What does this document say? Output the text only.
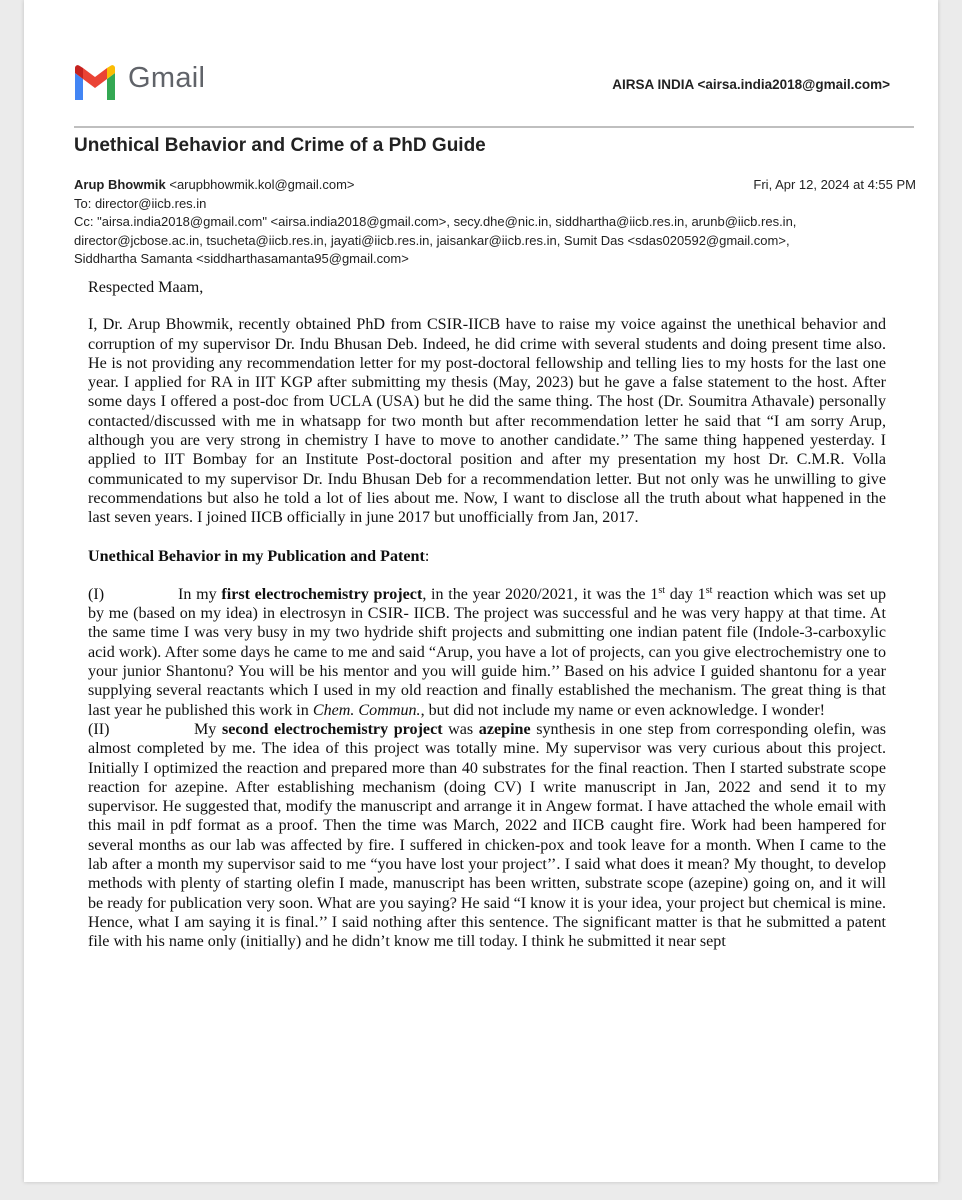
Gmail	AIRSA INDIA <airsa.india2018@gmail.com>
Unethical Behavior and Crime of a PhD Guide
Arup Bhowmik <arupbhowmik.kol@gmail.com>	Fri, Apr 12, 2024 at 4:55 PM
To: director@iicb.res.in
Cc: "airsa.india2018@gmail.com" <airsa.india2018@gmail.com>, secy.dhe@nic.in, siddhartha@iicb.res.in, arunb@iicb.res.in,
director@jcbose.ac.in, tsucheta@iicb.res.in, jayati@iicb.res.in, jaisankar@iicb.res.in, Sumit Das <sdas020592@gmail.com>,
Siddhartha Samanta <siddharthasamanta95@gmail.com>

Respected Maam,

I, Dr. Arup Bhowmik, recently obtained PhD from CSIR-IICB have to raise my voice against the unethical behavior and corruption of my supervisor Dr. Indu Bhusan Deb. Indeed, he did crime with several students and doing present time also. He is not providing any recommendation letter for my post-doctoral fellowship and telling lies to my hosts for the last one year. I applied for RA in IIT KGP after submitting my thesis (May, 2023) but he gave a false statement to the host. After some days I offered a post-doc from UCLA (USA) but he did the same thing. The host (Dr. Soumitra Athavale) personally contacted/discussed with me in whatsapp for two month but after recommendation letter he said that “I am sorry Arup, although you are very strong in chemistry I have to move to another candidate.’’ The same thing happened yesterday. I applied to IIT Bombay for an Institute Post-doctoral position and after my presentation my host Dr. C.M.R. Volla communicated to my supervisor Dr. Indu Bhusan Deb for a recommendation letter. But not only was he unwilling to give recommendations but also he told a lot of lies about me. Now, I want to disclose all the truth about what happened in the last seven years. I joined IICB officially in june 2017 but unofficially from Jan, 2017.

Unethical Behavior in my Publication and Patent:

(I)	In my first electrochemistry project, in the year 2020/2021, it was the 1st day 1st reaction which was set up by me (based on my idea) in electrosyn in CSIR- IICB. The project was successful and he was very happy at that time. At the same time I was very busy in my two hydride shift projects and submitting one indian patent file (Indole-3-carboxylic acid work). After some days he came to me and said “Arup, you have a lot of projects, can you give electrochemistry one to your junior Shantonu? You will be his mentor and you will guide him.’’ Based on his advice I guided shantonu for a year supplying several reactants which I used in my old reaction and finally established the mechanism. The great thing is that last year he published this work in Chem. Commun., but did not include my name or even acknowledge. I wonder!

(II)	My second electrochemistry project was azepine synthesis in one step from corresponding olefin, was almost completed by me. The idea of this project was totally mine. My supervisor was very curious about this project. Initially I optimized the reaction and prepared more than 40 substrates for the final reaction. Then I started substrate scope reaction for azepine. After establishing mechanism (doing CV) I write manuscript in Jan, 2022 and send it to my supervisor. He suggested that, modify the manuscript and arrange it in Angew format. I have attached the whole email with this mail in pdf format as a proof. Then the time was March, 2022 and IICB caught fire. Work had been hampered for several months as our lab was affected by fire. I suffered in chicken-pox and took leave for a month. When I came to the lab after a month my supervisor said to me “you have lost your project’’. I said what does it mean? My thought, to develop methods with plenty of starting olefin I made, manuscript has been written, substrate scope (azepine) going on, and it will be ready for publication very soon. What are you saying? He said “I know it is your idea, your project but chemical is mine. Hence, what I am saying it is final.’’ I said nothing after this sentence. The significant matter is that he submitted a patent file with his name only (initially) and he didn’t know me till today. I think he submitted it near sept
